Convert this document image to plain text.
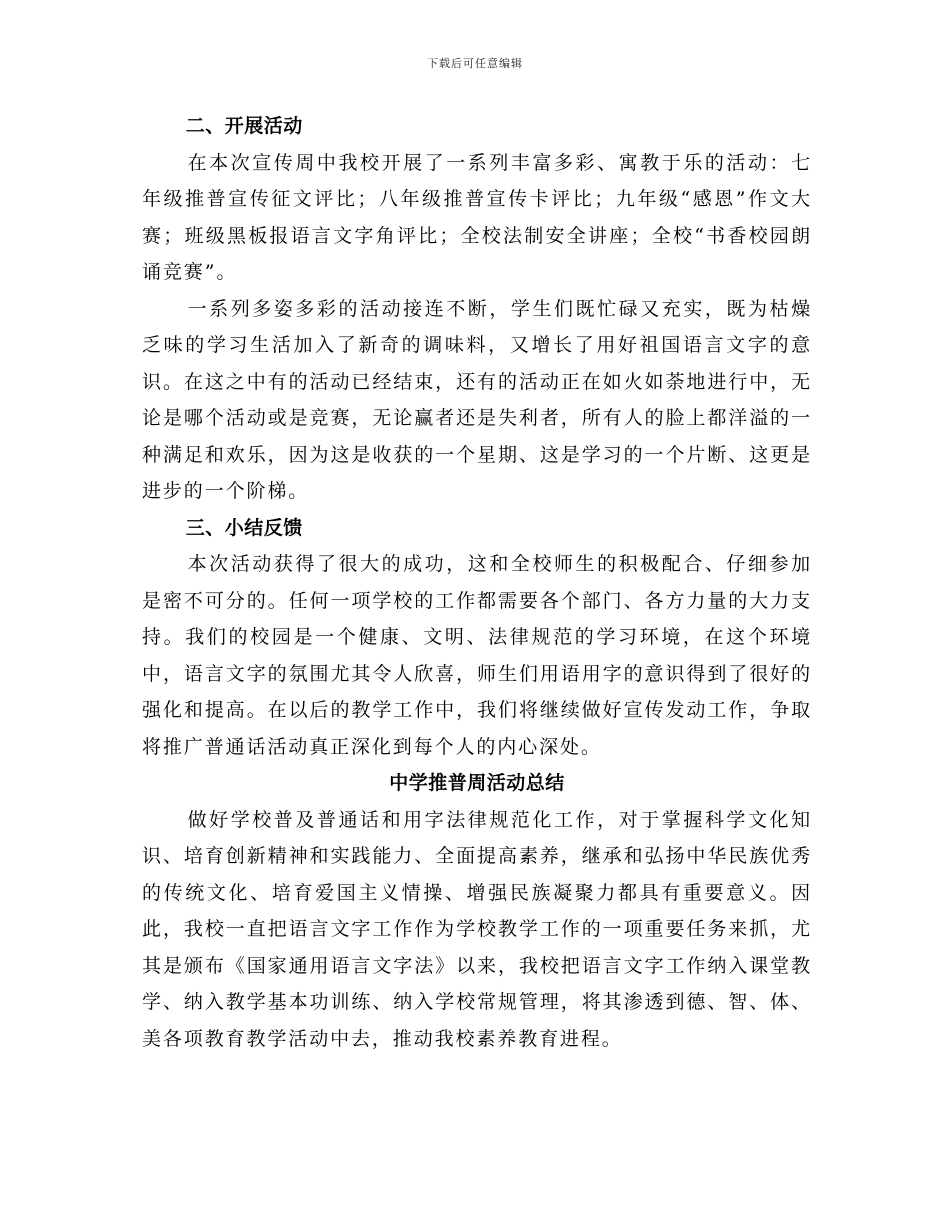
下载后可任意编辑

二、开展活动

在本次宣传周中我校开展了一系列丰富多彩、寓教于乐的活动：七年级推普宣传征文评比；八年级推普宣传卡评比；九年级“感恩”作文大赛；班级黑板报语言文字角评比；全校法制安全讲座；全校“书香校园朗诵竞赛”。

一系列多姿多彩的活动接连不断，学生们既忙碌又充实，既为枯燥乏味的学习生活加入了新奇的调味料，又增长了用好祖国语言文字的意识。在这之中有的活动已经结束，还有的活动正在如火如荼地进行中，无论是哪个活动或是竞赛，无论赢者还是失利者，所有人的脸上都洋溢的一种满足和欢乐，因为这是收获的一个星期、这是学习的一个片断、这更是进步的一个阶梯。

三、小结反馈

本次活动获得了很大的成功，这和全校师生的积极配合、仔细参加是密不可分的。任何一项学校的工作都需要各个部门、各方力量的大力支持。我们的校园是一个健康、文明、法律规范的学习环境，在这个环境中，语言文字的氛围尤其令人欣喜，师生们用语用字的意识得到了很好的强化和提高。在以后的教学工作中，我们将继续做好宣传发动工作，争取将推广普通话活动真正深化到每个人的内心深处。

中学推普周活动总结

做好学校普及普通话和用字法律规范化工作，对于掌握科学文化知识、培育创新精神和实践能力、全面提高素养，继承和弘扬中华民族优秀的传统文化、培育爱国主义情操、增强民族凝聚力都具有重要意义。因此，我校一直把语言文字工作作为学校教学工作的一项重要任务来抓，尤其是颁布《国家通用语言文字法》以来，我校把语言文字工作纳入课堂教学、纳入教学基本功训练、纳入学校常规管理，将其渗透到德、智、体、美各项教育教学活动中去，推动我校素养教育进程。
